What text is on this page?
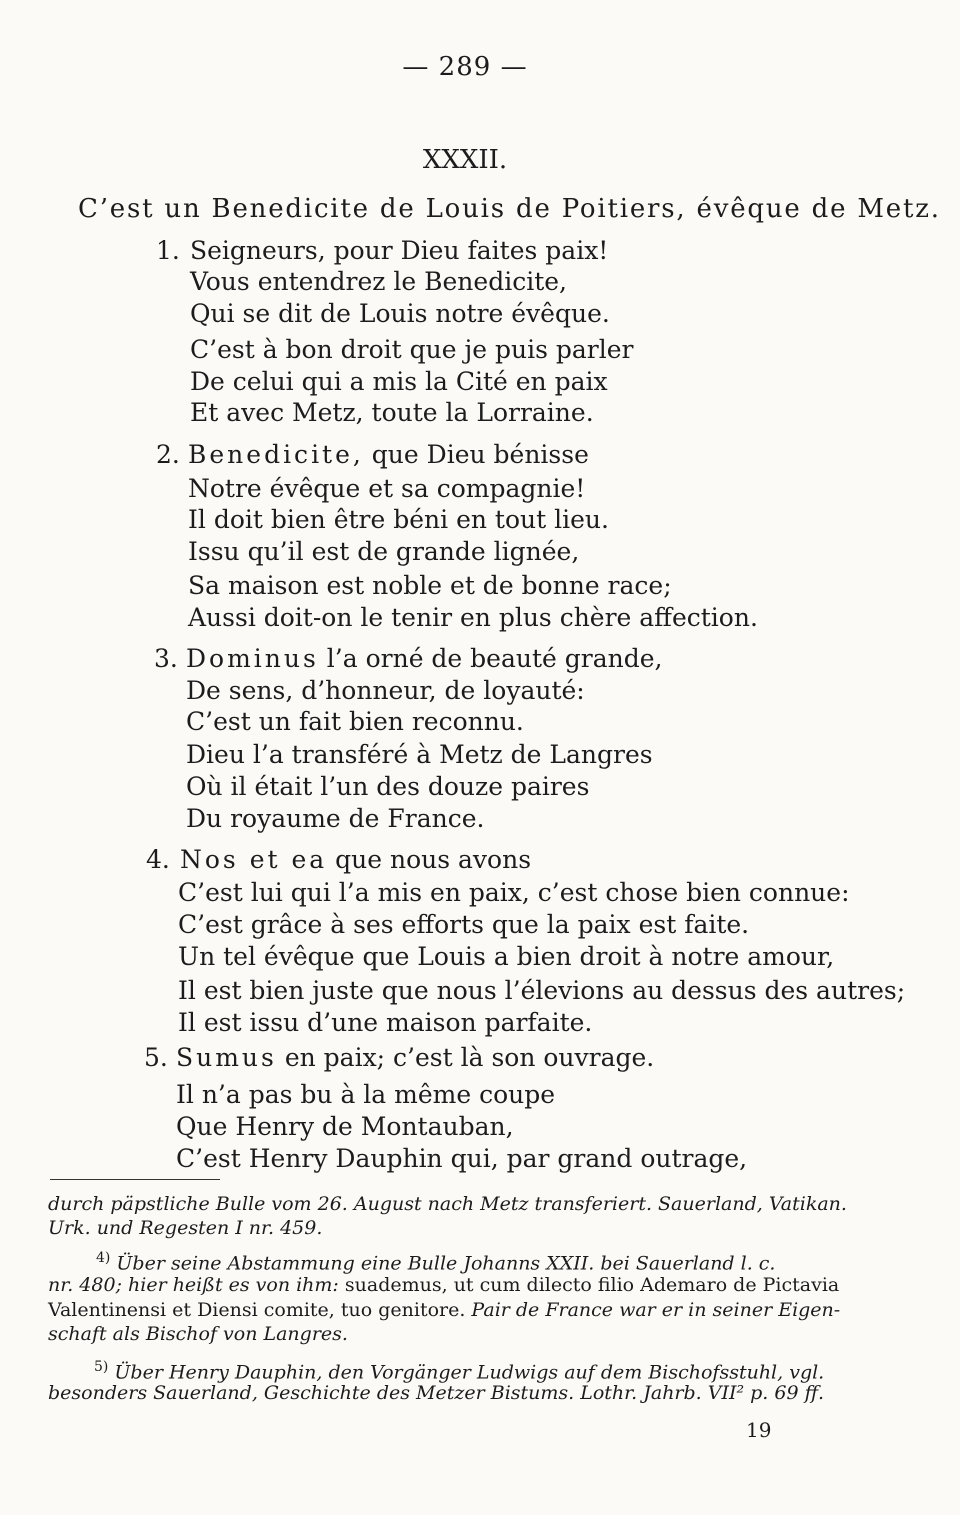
— 289 —
XXXII.
C’est un Benedicite de Louis de Poitiers, évêque de Metz.
1. Seigneurs, pour Dieu faites paix!
Vous entendrez le Benedicite,
Qui se dit de Louis notre évêque.
C’est à bon droit que je puis parler
De celui qui a mis la Cité en paix
Et avec Metz, toute la Lorraine.
2. Benedicite, que Dieu bénisse
Notre évêque et sa compagnie!
Il doit bien être béni en tout lieu.
Issu qu’il est de grande lignée,
Sa maison est noble et de bonne race;
Aussi doit-on le tenir en plus chère affection.
3. Dominus l’a orné de beauté grande,
De sens, d’honneur, de loyauté:
C’est un fait bien reconnu.
Dieu l’a transféré à Metz de Langres
Où il était l’un des douze paires
Du royaume de France.
4. Nos et ea que nous avons
C’est lui qui l’a mis en paix, c’est chose bien connue:
C’est grâce à ses efforts que la paix est faite.
Un tel évêque que Louis a bien droit à notre amour,
Il est bien juste que nous l’élevions au dessus des autres;
Il est issu d’une maison parfaite.
5. Sumus en paix; c’est là son ouvrage.
Il n’a pas bu à la même coupe
Que Henry de Montauban,
C’est Henry Dauphin qui, par grand outrage,
durch päpstliche Bulle vom 26. August nach Metz transferiert. Sauerland, Vatikan.
Urk. und Regesten I nr. 459.
$^{4)}$ Über seine Abstammung eine Bulle Johanns XXII. bei Sauerland l. c.
nr. 480; hier heißt es von ihm: suademus, ut cum dilecto filio Ademaro de Pictavia
Valentinensi et Diensi comite, tuo genitore. Pair de France war er in seiner Eigen-
schaft als Bischof von Langres.
$^{5)}$ Über Henry Dauphin, den Vorgänger Ludwigs auf dem Bischofsstuhl, vgl.
besonders Sauerland, Geschichte des Metzer Bistums. Lothr. Jahrb. VII² p. 69 ff.
19
